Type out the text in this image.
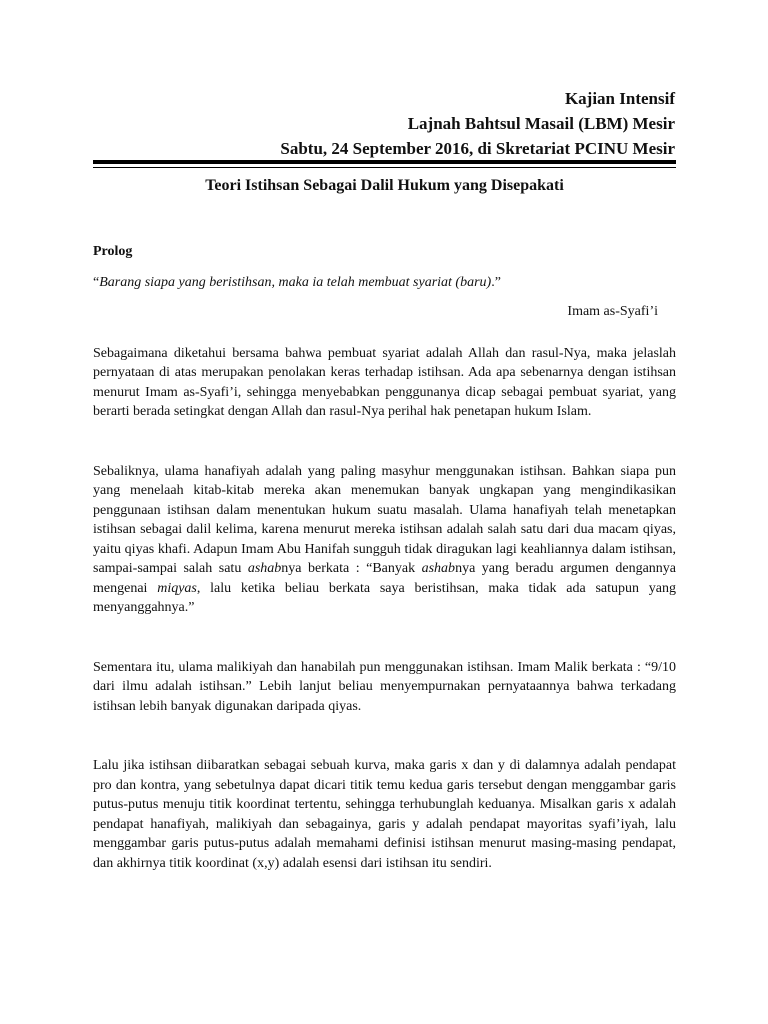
Kajian Intensif
Lajnah Bahtsul Masail (LBM) Mesir
Sabtu, 24 September 2016, di Skretariat PCINU Mesir
Teori Istihsan Sebagai Dalil Hukum yang Disepakati
Prolog
“Barang siapa yang beristihsan, maka ia telah membuat syariat (baru).”
Imam as-Syafi’i

Sebagaimana diketahui bersama bahwa pembuat syariat adalah Allah dan rasul-Nya, maka jelaslah pernyataan di atas merupakan penolakan keras terhadap istihsan. Ada apa sebenarnya dengan istihsan menurut Imam as-Syafi’i, sehingga menyebabkan penggunanya dicap sebagai pembuat syariat, yang berarti berada setingkat dengan Allah dan rasul-Nya perihal hak penetapan hukum Islam.

Sebaliknya, ulama hanafiyah adalah yang paling masyhur menggunakan istihsan. Bahkan siapa pun yang menelaah kitab-kitab mereka akan menemukan banyak ungkapan yang mengindikasikan penggunaan istihsan dalam menentukan hukum suatu masalah. Ulama hanafiyah telah menetapkan istihsan sebagai dalil kelima, karena menurut mereka istihsan adalah salah satu dari dua macam qiyas, yaitu qiyas khafi. Adapun Imam Abu Hanifah sungguh tidak diragukan lagi keahliannya dalam istihsan, sampai-sampai salah satu ashabnya berkata : “Banyak ashabnya yang beradu argumen dengannya mengenai miqyas, lalu ketika beliau berkata saya beristihsan, maka tidak ada satupun yang menyanggahnya.”

Sementara itu, ulama malikiyah dan hanabilah pun menggunakan istihsan. Imam Malik berkata : “9/10 dari ilmu adalah istihsan.” Lebih lanjut beliau menyempurnakan pernyataannya bahwa terkadang istihsan lebih banyak digunakan daripada qiyas.

Lalu jika istihsan diibaratkan sebagai sebuah kurva, maka garis x dan y di dalamnya adalah pendapat pro dan kontra, yang sebetulnya dapat dicari titik temu kedua garis tersebut dengan menggambar garis putus-putus menuju titik koordinat tertentu, sehingga terhubunglah keduanya. Misalkan garis x adalah pendapat hanafiyah, malikiyah dan sebagainya, garis y adalah pendapat mayoritas syafi’iyah, lalu menggambar garis putus-putus adalah memahami definisi istihsan menurut masing-masing pendapat, dan akhirnya titik koordinat (x,y) adalah esensi dari istihsan itu sendiri.
